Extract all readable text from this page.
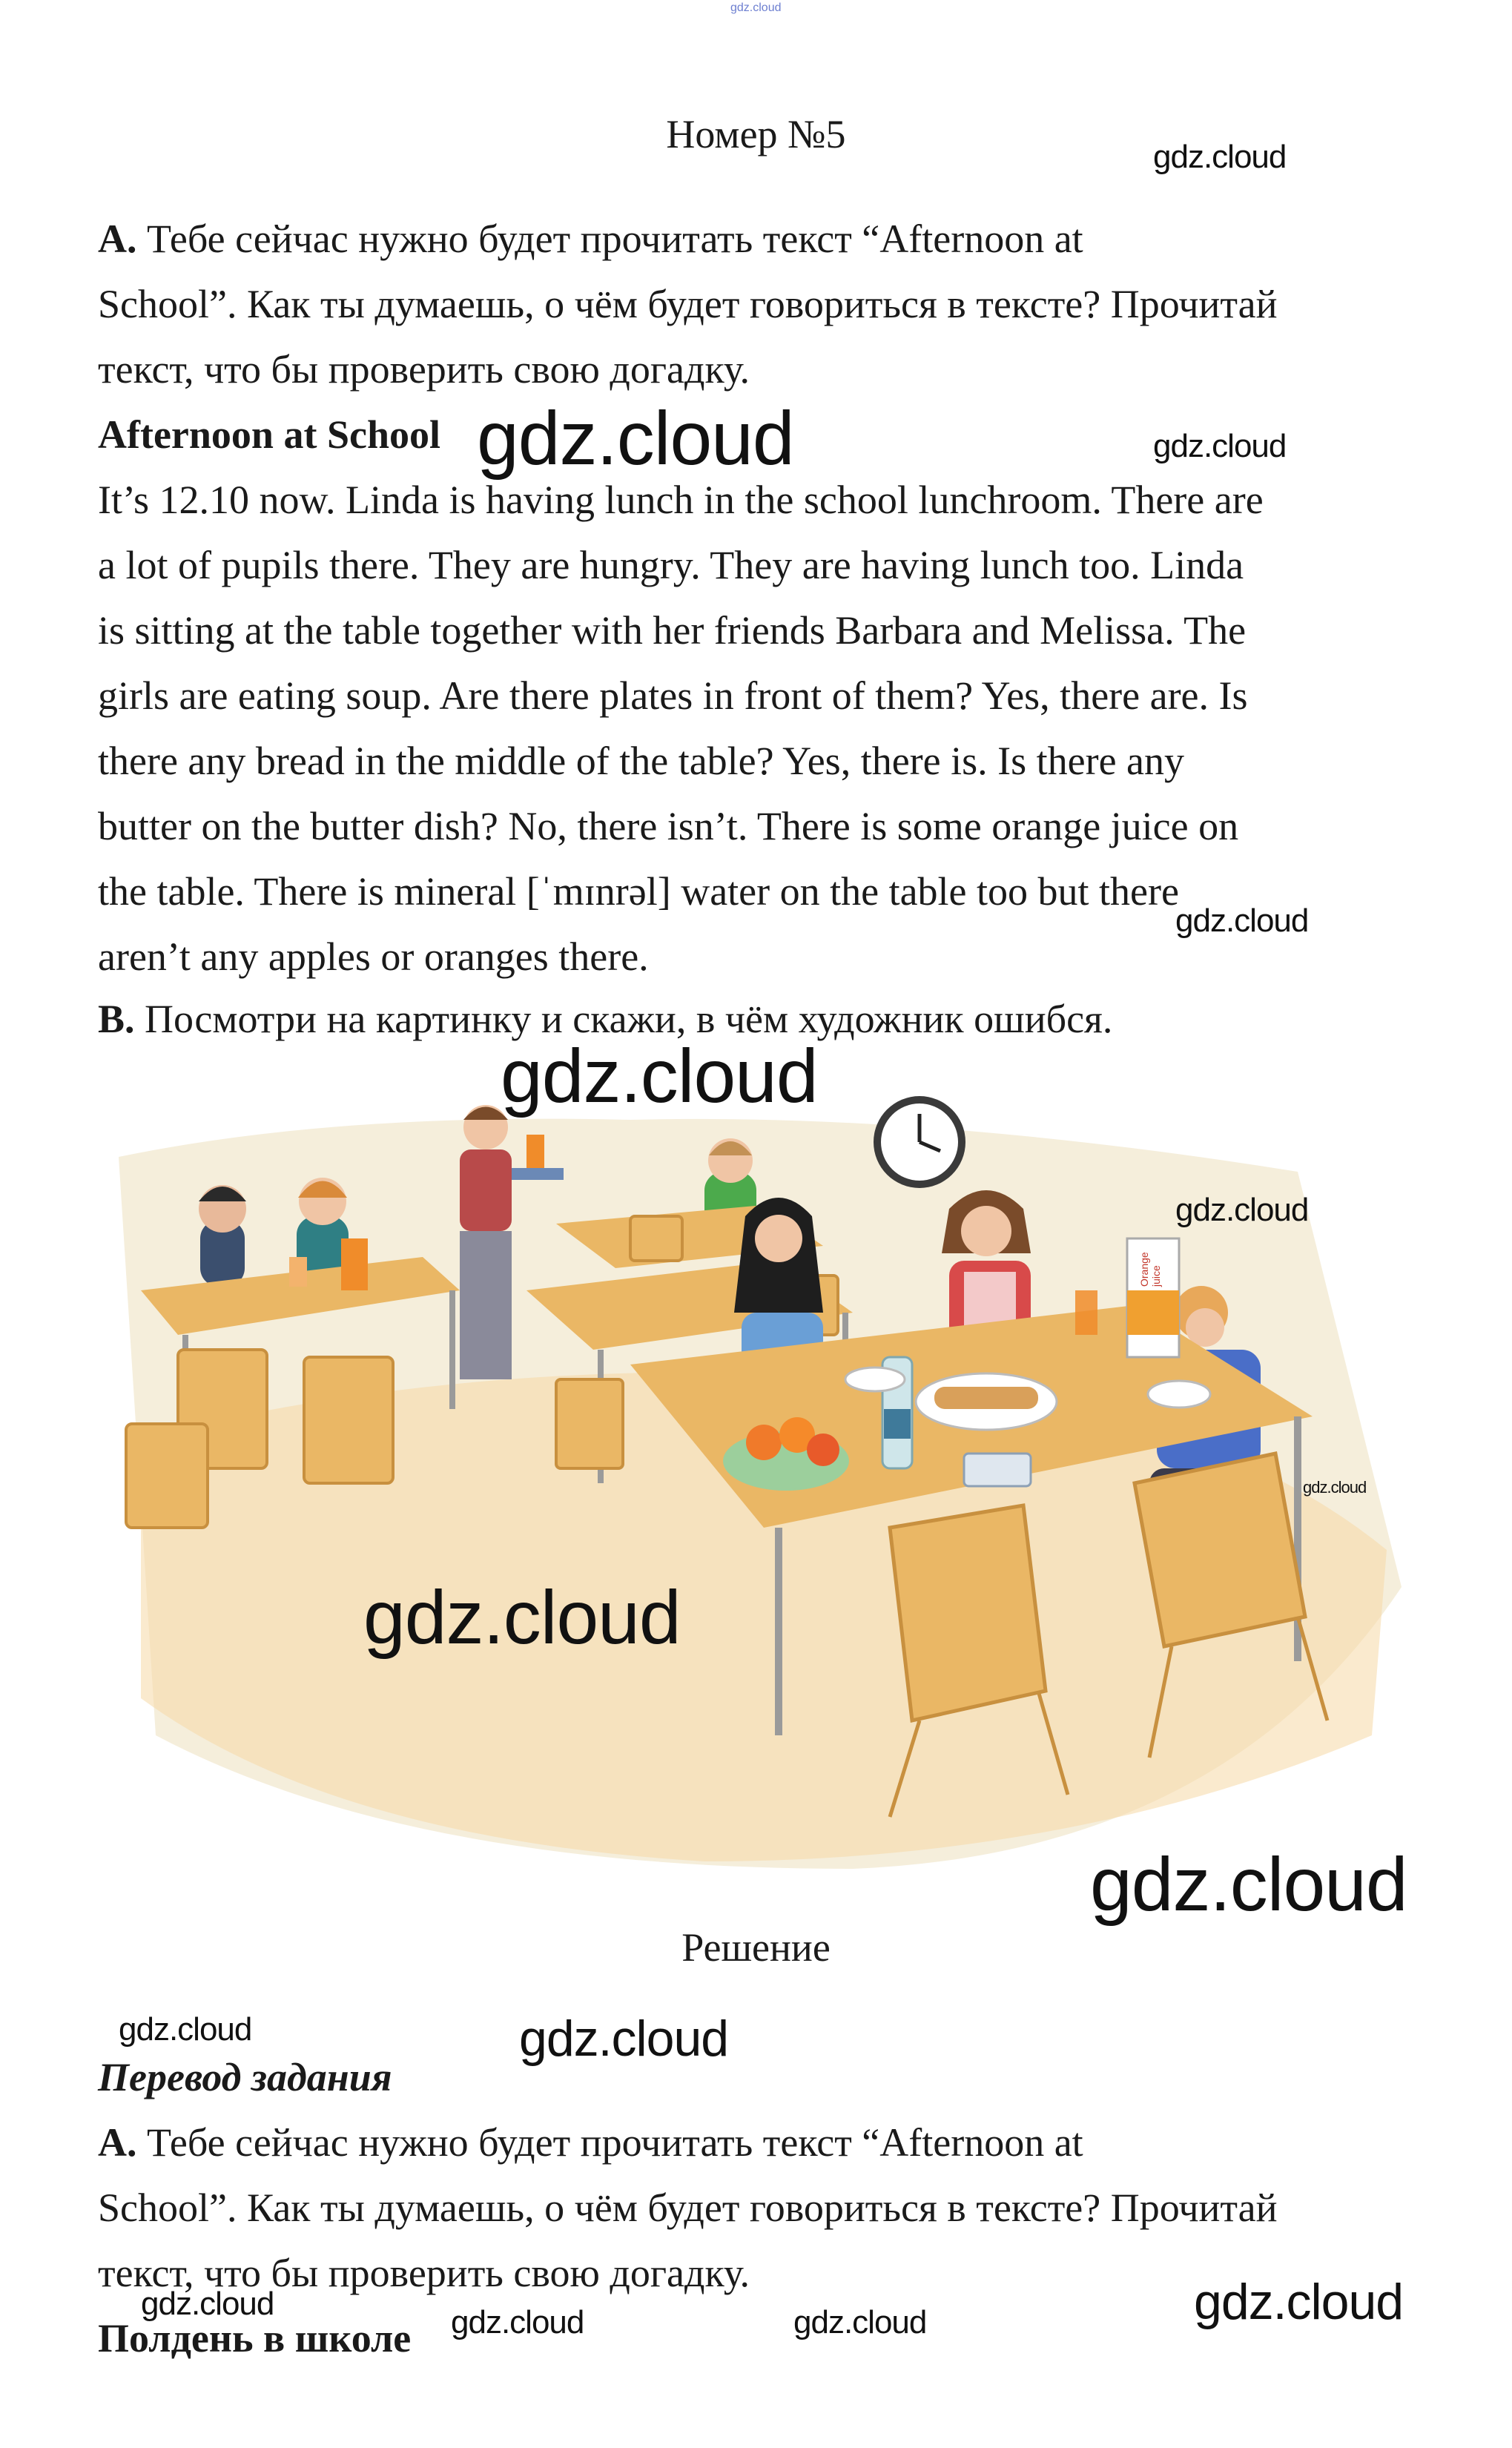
gdz.cloud
Номер №5
A. Тебе сейчас нужно будет прочитать текст “Afternoon at
School”. Как ты думаешь, о чём будет говориться в тексте? Прочитай
текст, что бы проверить свою догадку.
Afternoon at School
It’s 12.10 now. Linda is having lunch in the school lunchroom. There are
a lot of pupils there. They are hungry. They are having lunch too. Linda
is sitting at the table together with her friends Barbara and Melissa. The
girls are eating soup. Are there plates in front of them? Yes, there are. Is
there any bread in the middle of the table? Yes, there is. Is there any
butter on the butter dish? No, there isn’t. There is some orange juice on
the table. There is mineral [ˈmɪnrəl] water on the table too but there
aren’t any apples or oranges there.
B. Посмотри на картинку и скажи, в чём художник ошибся.
Orange juice
Решение
Перевод задания
A. Тебе сейчас нужно будет прочитать текст “Afternoon at
School”. Как ты думаешь, о чём будет говориться в тексте? Прочитай
текст, что бы проверить свою догадку.
Полдень в школе
gdz.cloud
gdz.cloud	gdz.cloud
gdz.cloud
gdz.cloud
gdz.cloud
gdz.cloud
gdz.cloud
gdz.cloud
gdz.cloud	gdz.cloud
gdz.cloud	gdz.cloud
gdz.cloud	gdz.cloud
